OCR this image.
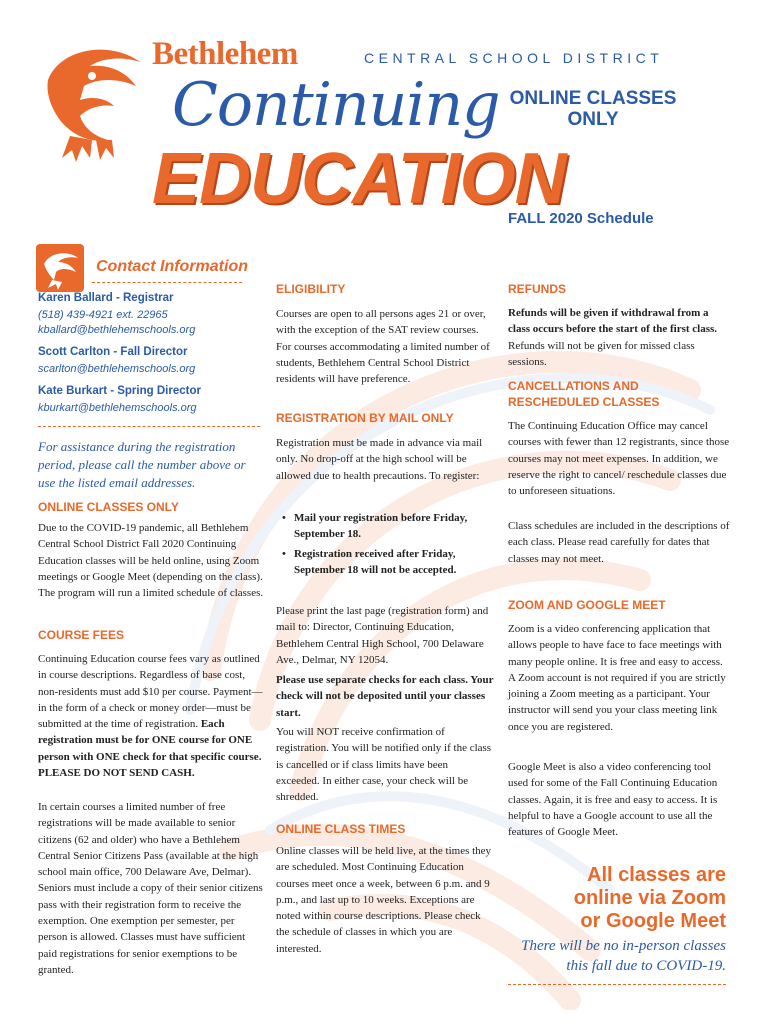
Bethlehem	CENTRAL SCHOOL DISTRICT
Continuing ONLINE CLASSES
ONLY
EDUCATION
FALL 2020 Schedule
Contact Information
Karen Ballard - Registrar
(518) 439-4921 ext. 22965
kballard@bethlehemschools.org
Scott Carlton - Fall Director
scarlton@bethlehemschools.org
Kate Burkart - Spring Director
kburkart@bethlehemschools.org
For assistance during the registration period, please call the number above or use the listed email addresses.
ONLINE CLASSES ONLY
Due to the COVID-19 pandemic, all Bethlehem Central School District Fall 2020 Continuing Education classes will be held online, using Zoom meetings or Google Meet (depending on the class). The program will run a limited schedule of classes.
COURSE FEES
Continuing Education course fees vary as outlined in course descriptions. Regardless of base cost, non-residents must add $10 per course. Payment—in the form of a check or money order—must be submitted at the time of registration. Each registration must be for ONE course for ONE person with ONE check for that specific course. PLEASE DO NOT SEND CASH.
In certain courses a limited number of free registrations will be made available to senior citizens (62 and older) who have a Bethlehem Central Senior Citizens Pass (available at the high school main office, 700 Delaware Ave, Delmar). Seniors must include a copy of their senior citizens pass with their registration form to receive the exemption. One exemption per semester, per person is allowed. Classes must have sufficient paid registrations for senior exemptions to be granted.
ELIGIBILITY
Courses are open to all persons ages 21 or over, with the exception of the SAT review courses. For courses accommodating a limited number of students, Bethlehem Central School District residents will have preference.
REGISTRATION BY MAIL ONLY
Registration must be made in advance via mail only. No drop-off at the high school will be allowed due to health precautions. To register:
• Mail your registration before Friday, September 18.
• Registration received after Friday, September 18 will not be accepted.
Please print the last page (registration form) and mail to: Director, Continuing Education, Bethlehem Central High School, 700 Delaware Ave., Delmar, NY 12054.
Please use separate checks for each class. Your check will not be deposited until your classes start.
You will NOT receive confirmation of registration. You will be notified only if the class is cancelled or if class limits have been exceeded. In either case, your check will be shredded.
ONLINE CLASS TIMES
Online classes will be held live, at the times they are scheduled. Most Continuing Education courses meet once a week, between 6 p.m. and 9 p.m., and last up to 10 weeks. Exceptions are noted within course descriptions. Please check the schedule of classes in which you are interested.
REFUNDS
Refunds will be given if withdrawal from a class occurs before the start of the first class. Refunds will not be given for missed class sessions.
CANCELLATIONS AND RESCHEDULED CLASSES
The Continuing Education Office may cancel courses with fewer than 12 registrants, since those courses may not meet expenses. In addition, we reserve the right to cancel/ reschedule classes due to unforeseen situations.
Class schedules are included in the descriptions of each class. Please read carefully for dates that classes may not meet.
ZOOM AND GOOGLE MEET
Zoom is a video conferencing application that allows people to have face to face meetings with many people online. It is free and easy to access. A Zoom account is not required if you are strictly joining a Zoom meeting as a participant. Your instructor will send you your class meeting link once you are registered.
Google Meet is also a video conferencing tool used for some of the Fall Continuing Education classes. Again, it is free and easy to access. It is helpful to have a Google account to use all the features of Google Meet.
All classes are
online via Zoom
or Google Meet
There will be no in-person classes
this fall due to COVID-19.
